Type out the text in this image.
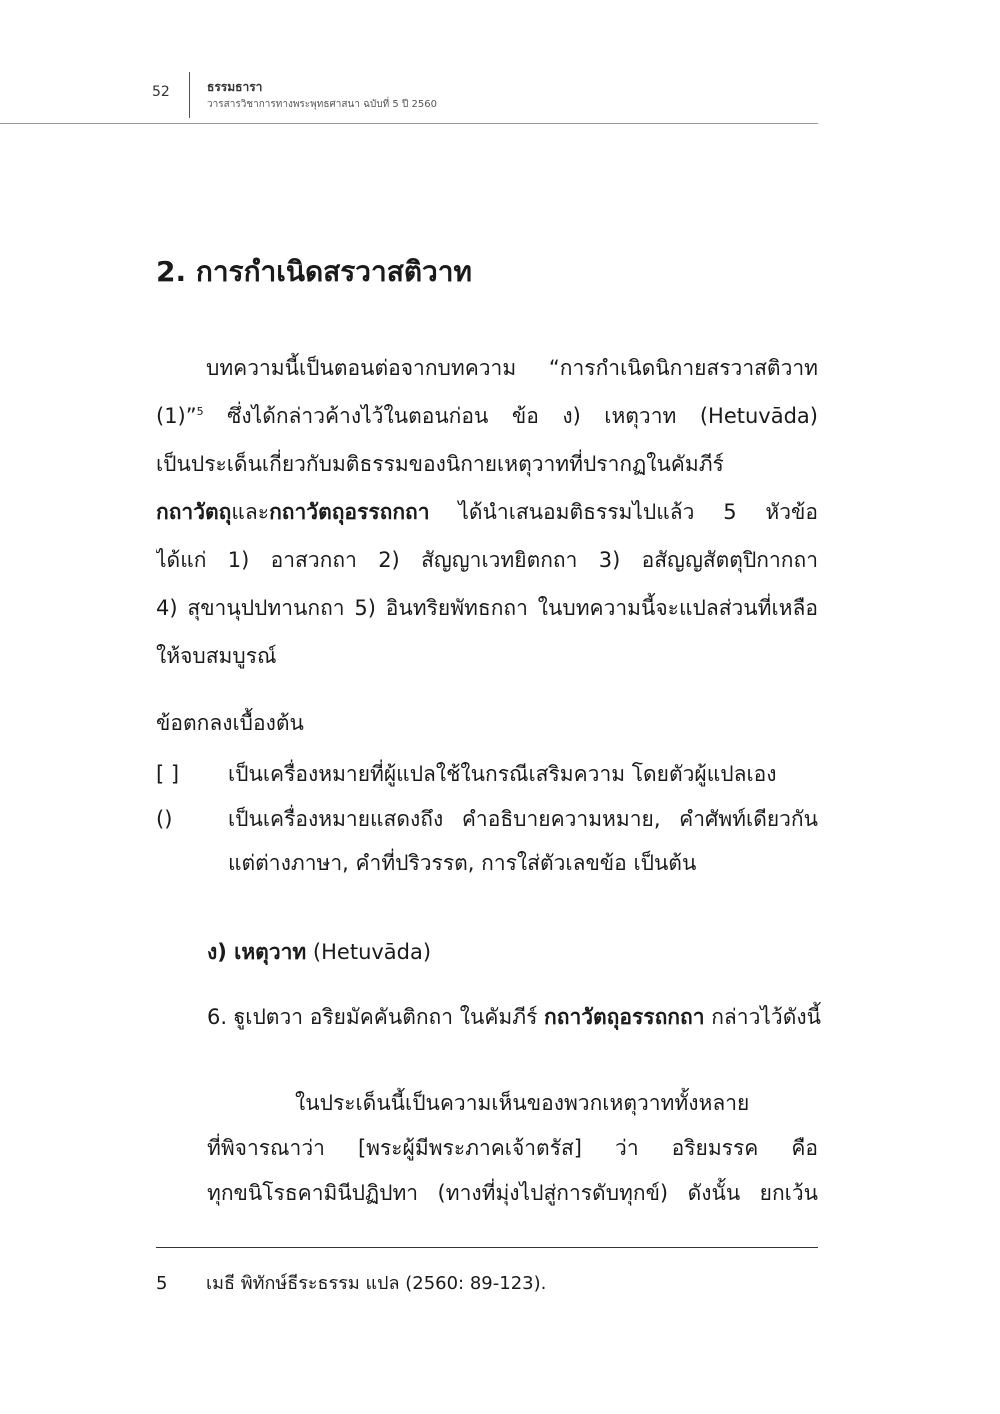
52	ธรรมธารา
วารสารวิชาการทางพระพุทธศาสนา ฉบับที่ 5 ปี 2560
2. การกำเนิดสรวาสติวาท
บทความนี้เป็นตอนต่อจากบทความ “การกำเนิดนิกายสรวาสติวาท
(1)”$^5$ ซึ่งได้กล่าวค้างไว้ในตอนก่อน ข้อ ง) เหตุวาท (Hetuvāda)
เป็นประเด็นเกี่ยวกับมติธรรมของนิกายเหตุวาทที่ปรากฏในคัมภีร์
กถาวัตถุและกถาวัตถุอรรถกถา ได้นำเสนอมติธรรมไปแล้ว 5 หัวข้อ
ได้แก่ 1) อาสวกถา 2) สัญญาเวทยิตกถา 3) อสัญญสัตตุปิกากถา
4) สุขานุปปทานกถา 5) อินทริยพัทธกถา ในบทความนี้จะแปลส่วนที่เหลือ
ให้จบสมบูรณ์
ข้อตกลงเบื้องต้น
[ ]	เป็นเครื่องหมายที่ผู้แปลใช้ในกรณีเสริมความ โดยตัวผู้แปลเอง
()	เป็นเครื่องหมายแสดงถึง คำอธิบายความหมาย, คำศัพท์เดียวกัน
แต่ต่างภาษา, คำที่ปริวรรต, การใส่ตัวเลขข้อ เป็นต้น
ง) เหตุวาท (Hetuvāda)
6. ฐูเปตวา อริยมัคคันติกถา ในคัมภีร์ กถาวัตถุอรรถกถา กล่าวไว้ดังนี้
ในประเด็นนี้เป็นความเห็นของพวกเหตุวาททั้งหลาย
ที่พิจารณาว่า [พระผู้มีพระภาคเจ้าตรัส] ว่า อริยมรรค คือ
ทุกขนิโรธคามินีปฏิปทา (ทางที่มุ่งไปสู่การดับทุกข์) ดังนั้น ยกเว้น
5 เมธี พิทักษ์ธีระธรรม แปล (2560: 89-123).
